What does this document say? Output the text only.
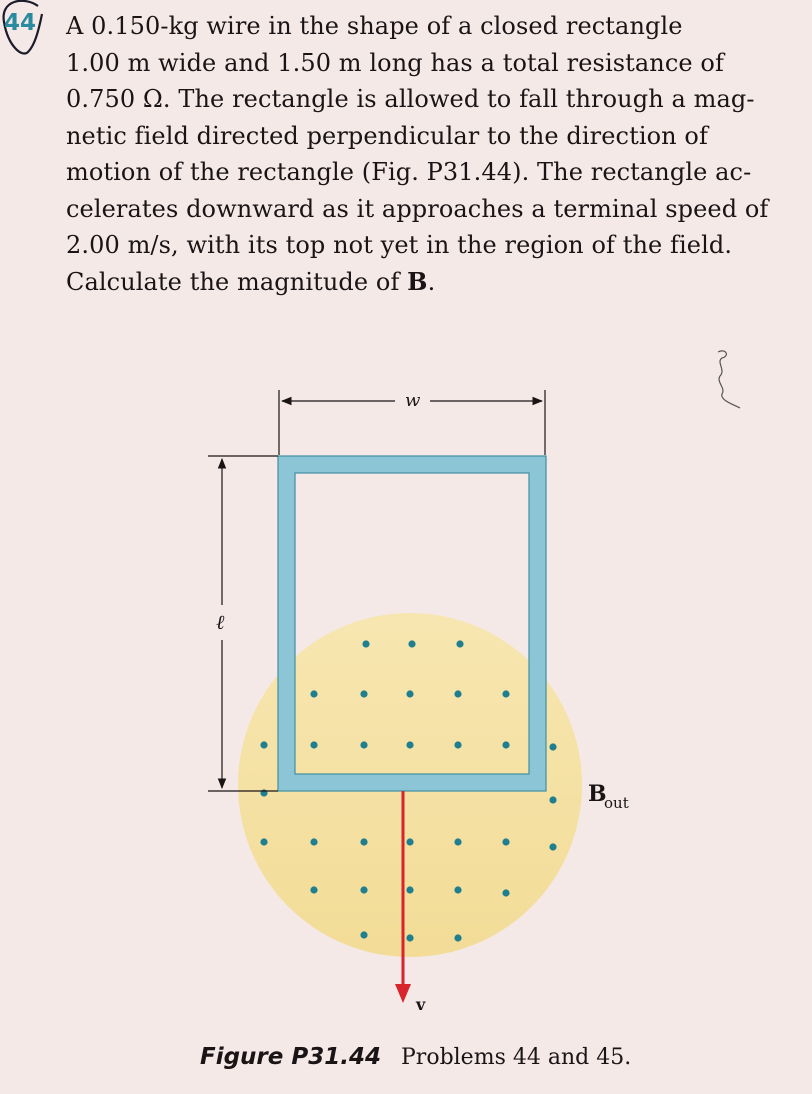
44 A 0.150-kg wire in the shape of a closed rectangle
1.00 m wide and 1.50 m long has a total resistance of
0.750 Ω. The rectangle is allowed to fall through a mag-
netic field directed perpendicular to the direction of
motion of the rectangle (Fig. P31.44). The rectangle ac-
celerates downward as it approaches a terminal speed of
2.00 m/s, with its top not yet in the region of the field.
Calculate the magnitude of B.
w
ℓ
v
B
out
Figure P31.44 Problems 44 and 45.
